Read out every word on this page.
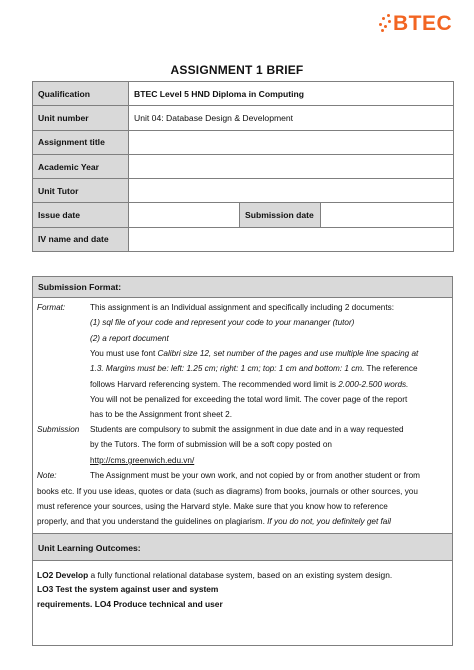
BTEC
ASSIGNMENT 1 BRIEF
Qualification	BTEC Level 5 HND Diploma in Computing		
Unit number	Unit 04: Database Design & Development		
Assignment title			
Academic Year			
Unit Tutor			
Issue date		Submission date	
IV name and date			
Submission Format:
Format:	This assignment is an Individual assignment and specifically including 2 documents:
(1) sql file of your code and represent your code to your mananger (tutor)
(2) a report document
You must use font Calibri size 12, set number of the pages and use multiple line spacing at
1.3. Margins must be: left: 1.25 cm; right: 1 cm; top: 1 cm and bottom: 1 cm. The reference
follows Harvard referencing system. The recommended word limit is 2.000-2.500 words.
You will not be penalized for exceeding the total word limit. The cover page of the report
has to be the Assignment front sheet 2.
Submission Students are compulsory to submit the assignment in due date and in a way requested
by the Tutors. The form of submission will be a soft copy posted on
http://cms.greenwich.edu.vn/
Note:	The Assignment must be your own work, and not copied by or from another student or from
books etc. If you use ideas, quotes or data (such as diagrams) from books, journals or other sources, you
must reference your sources, using the Harvard style. Make sure that you know how to reference
properly, and that you understand the guidelines on plagiarism. If you do not, you definitely get fail
Unit Learning Outcomes:
LO2 Develop a fully functional relational database system, based on an existing system design.
LO3 Test the system against user and system
requirements. LO4 Produce technical and user
